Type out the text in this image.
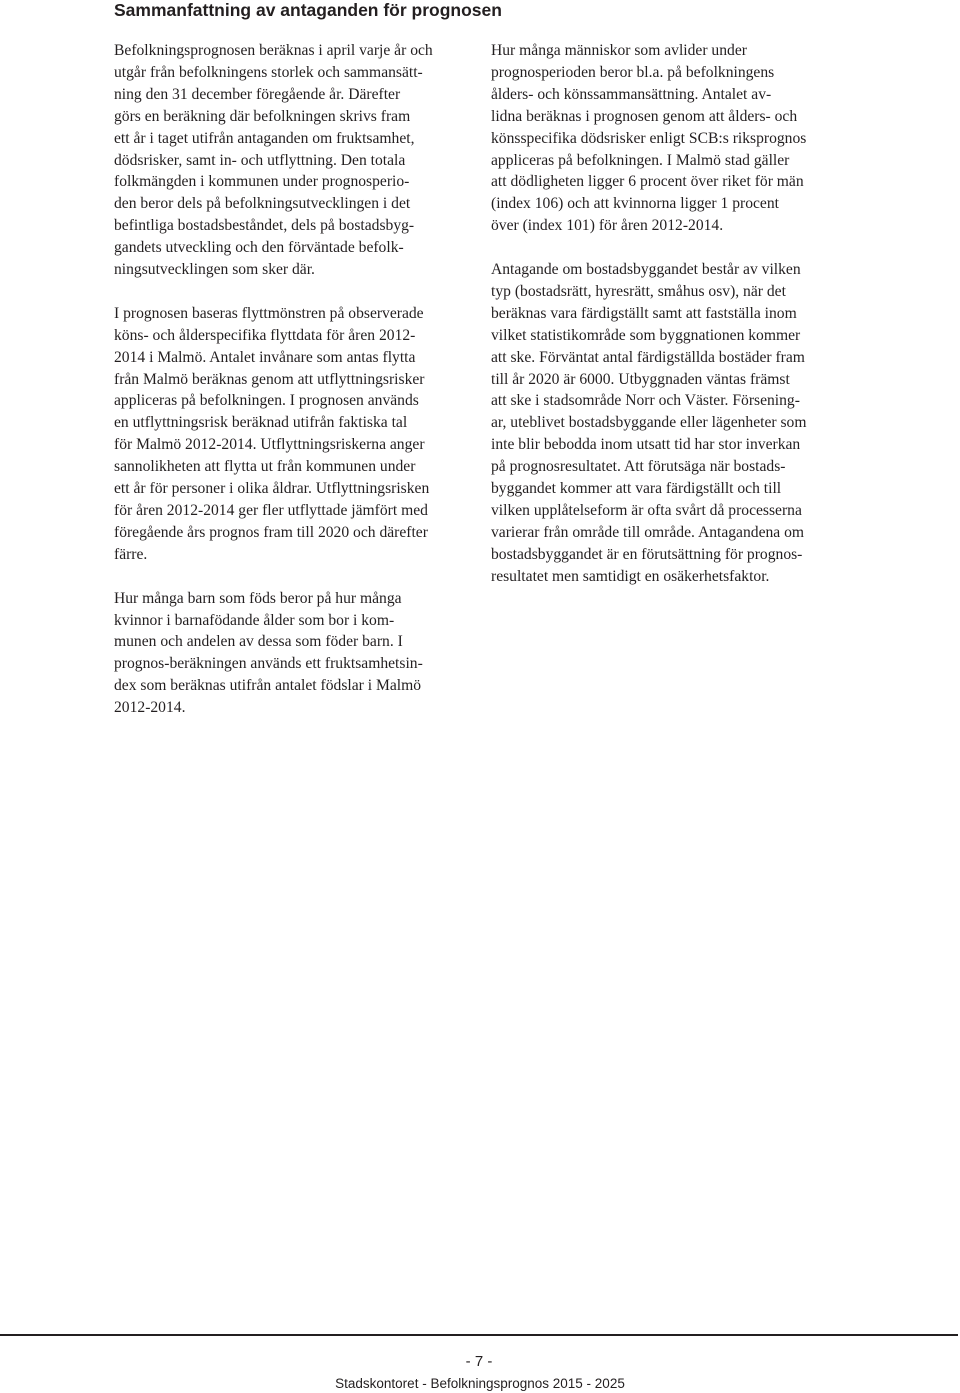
Sammanfattning av antaganden för prognosen

Befolkningsprognosen beräknas i april varje år och
utgår från befolkningens storlek och sammansätt-
ning den 31 december föregående år. Därefter
görs en beräkning där befolkningen skrivs fram
ett år i taget utifrån antaganden om fruktsamhet,
dödsrisker, samt in- och utflyttning. Den totala
folkmängden i kommunen under prognosperio-
den beror dels på befolkningsutvecklingen i det
befintliga bostadsbeståndet, dels på bostadsbyg-
gandets utveckling och den förväntade befolk-
ningsutvecklingen som sker där.

I prognosen baseras flyttmönstren på observerade
köns- och ålderspecifika flyttdata för åren 2012-
2014 i Malmö. Antalet invånare som antas flytta
från Malmö beräknas genom att utflyttningsrisker
appliceras på befolkningen. I prognosen används
en utflyttningsrisk beräknad utifrån faktiska tal
för Malmö 2012-2014. Utflyttningsriskerna anger
sannolikheten att flytta ut från kommunen under
ett år för personer i olika åldrar. Utflyttningsrisken
för åren 2012-2014 ger fler utflyttade jämfört med
föregående års prognos fram till 2020 och därefter
färre.

Hur många barn som föds beror på hur många
kvinnor i barnafödande ålder som bor i kom-
munen och andelen av dessa som föder barn. I
prognos-beräkningen används ett fruktsamhetsin-
dex som beräknas utifrån antalet födslar i Malmö
2012-2014.

Hur många människor som avlider under
prognosperioden beror bl.a. på befolkningens
ålders- och könssammansättning. Antalet av-
lidna beräknas i prognosen genom att ålders- och
könsspecifika dödsrisker enligt SCB:s riksprognos
appliceras på befolkningen. I Malmö stad gäller
att dödligheten ligger 6 procent över riket för män
(index 106) och att kvinnorna ligger 1 procent
över (index 101) för åren 2012-2014.

Antagande om bostadsbyggandet består av vilken
typ (bostadsrätt, hyresrätt, småhus osv), när det
beräknas vara färdigställt samt att fastställa inom
vilket statistikområde som byggnationen kommer
att ske. Förväntat antal färdigställda bostäder fram
till år 2020 är 6000. Utbyggnaden väntas främst
att ske i stadsområde Norr och Väster. Försening-
ar, uteblivet bostadsbyggande eller lägenheter som
inte blir bebodda inom utsatt tid har stor inverkan
på prognosresultatet. Att förutsäga när bostads-
byggandet kommer att vara färdigställt och till
vilken upplåtelseform är ofta svårt då processerna
varierar från område till område. Antagandena om
bostadsbyggandet är en förutsättning för prognos-
resultatet men samtidigt en osäkerhetsfaktor.

- 7 -
Stadskontoret - Befolkningsprognos 2015 - 2025
